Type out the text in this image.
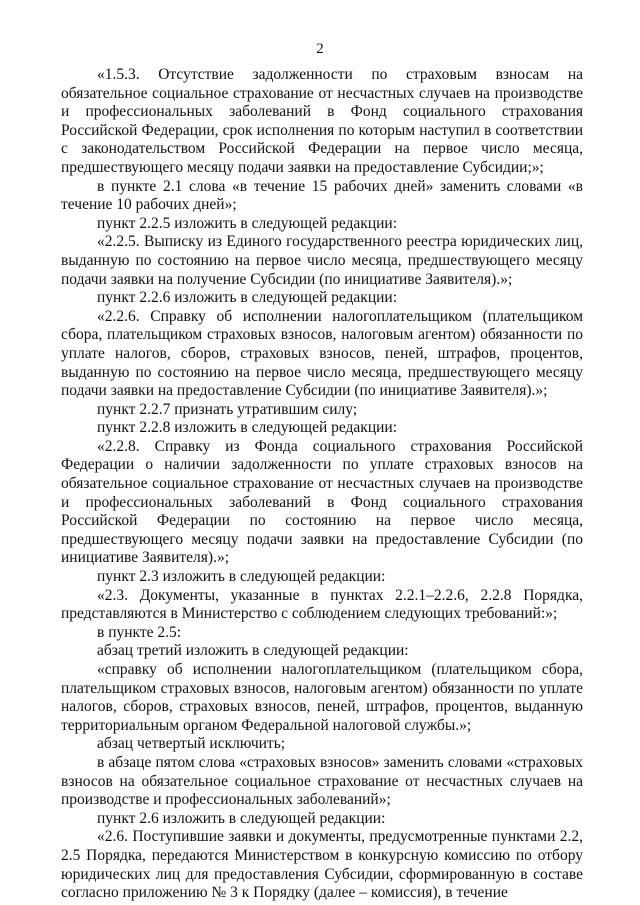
2

«1.5.3. Отсутствие задолженности по страховым взносам на обязательное социальное страхование от несчастных случаев на производстве и профессиональных заболеваний в Фонд социального страхования Российской Федерации, срок исполнения по которым наступил в соответствии с законодательством Российской Федерации на первое число месяца, предшествующего месяцу подачи заявки на предоставление Субсидии;»;

в пункте 2.1 слова «в течение 15 рабочих дней» заменить словами «в течение 10 рабочих дней»;

пункт 2.2.5 изложить в следующей редакции:

«2.2.5. Выписку из Единого государственного реестра юридических лиц, выданную по состоянию на первое число месяца, предшествующего месяцу подачи заявки на получение Субсидии (по инициативе Заявителя).»;

пункт 2.2.6 изложить в следующей редакции:

«2.2.6. Справку об исполнении налогоплательщиком (плательщиком сбора, плательщиком страховых взносов, налоговым агентом) обязанности по уплате налогов, сборов, страховых взносов, пеней, штрафов, процентов, выданную по состоянию на первое число месяца, предшествующего месяцу подачи заявки на предоставление Субсидии (по инициативе Заявителя).»;

пункт 2.2.7 признать утратившим силу;

пункт 2.2.8 изложить в следующей редакции:

«2.2.8. Справку из Фонда социального страхования Российской Федерации о наличии задолженности по уплате страховых взносов на обязательное социальное страхование от несчастных случаев на производстве и профессиональных заболеваний в Фонд социального страхования Российской Федерации по состоянию на первое число месяца, предшествующего месяцу подачи заявки на предоставление Субсидии (по инициативе Заявителя).»;

пункт 2.3 изложить в следующей редакции:

«2.3. Документы, указанные в пунктах 2.2.1–2.2.6, 2.2.8 Порядка, представляются в Министерство с соблюдением следующих требований:»;

в пункте 2.5:

абзац третий изложить в следующей редакции:

«справку об исполнении налогоплательщиком (плательщиком сбора, плательщиком страховых взносов, налоговым агентом) обязанности по уплате налогов, сборов, страховых взносов, пеней, штрафов, процентов, выданную территориальным органом Федеральной налоговой службы.»;

абзац четвертый исключить;

в абзаце пятом слова «страховых взносов» заменить словами «страховых взносов на обязательное социальное страхование от несчастных случаев на производстве и профессиональных заболеваний»;

пункт 2.6 изложить в следующей редакции:

«2.6. Поступившие заявки и документы, предусмотренные пунктами 2.2, 2.5 Порядка, передаются Министерством в конкурсную комиссию по отбору юридических лиц для предоставления Субсидии, сформированную в составе согласно приложению № 3 к Порядку (далее – комиссия), в течение
